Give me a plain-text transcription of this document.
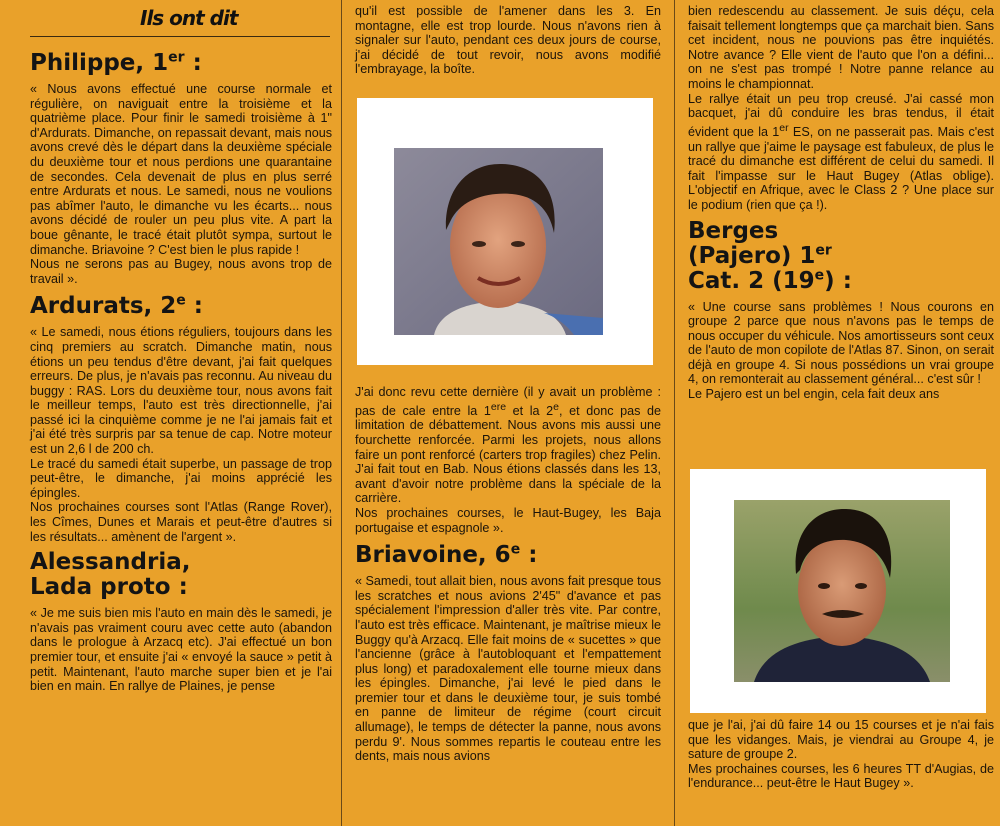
Ils ont dit
Philippe, 1er :

« Nous avons effectué une course normale et régulière, on naviguait entre la troisième et la quatrième place. Pour finir le samedi troisième à 1" d'Ardurats. Dimanche, on repassait devant, mais nous avons crevé dès le départ dans la deuxième spéciale du deuxième tour et nous perdions une quarantaine de secondes. Cela devenait de plus en plus serré entre Ardurats et nous. Le samedi, nous ne voulions pas abîmer l'auto, le dimanche vu les écarts... nous avons décidé de rouler un peu plus vite. A part la boue gênante, le tracé était plutôt sympa, surtout le dimanche. Briavoine ? C'est bien le plus rapide !

Nous ne serons pas au Bugey, nous avons trop de travail ».

Ardurats, 2e :

« Le samedi, nous étions réguliers, toujours dans les cinq premiers au scratch. Dimanche matin, nous étions un peu tendus d'être devant, j'ai fait quelques erreurs. De plus, je n'avais pas reconnu. Au niveau du buggy : RAS. Lors du deuxième tour, nous avons fait le meilleur temps, l'auto est très directionnelle, j'ai passé ici la cinquième comme je ne l'ai jamais fait et j'ai été très surpris par sa tenue de cap. Notre moteur est un 2,6 l de 200 ch.

Le tracé du samedi était superbe, un passage de trop peut-être, le dimanche, j'ai moins apprécié les épingles.

Nos prochaines courses sont l'Atlas (Range Rover), les Cîmes, Dunes et Marais et peut-être d'autres si les résultats... amènent de l'argent ».

Alessandria,
Lada proto :

« Je me suis bien mis l'auto en main dès le samedi, je n'avais pas vraiment couru avec cette auto (abandon dans le prologue à Arzacq etc). J'ai effectué un bon premier tour, et ensuite j'ai « envoyé la sauce » petit à petit. Maintenant, l'auto marche super bien et je l'ai bien en main. En rallye de Plaines, je pense

qu'il est possible de l'amener dans les 3. En montagne, elle est trop lourde. Nous n'avons rien à signaler sur l'auto, pendant ces deux jours de course, j'ai décidé de tout revoir, nous avons modifié l'embrayage, la boîte.

J'ai donc revu cette dernière (il y avait un problème : pas de cale entre la 1ere et la 2e, et donc pas de limitation de débattement. Nous avons mis aussi une fourchette renforcée. Parmi les projets, nous allons faire un pont renforcé (carters trop fragiles) chez Pelin. J'ai fait tout en Bab. Nous étions classés dans les 13, avant d'avoir notre problème dans la spéciale de la carrière.

Nos prochaines courses, le Haut-Bugey, les Baja portugaise et espagnole ».

Briavoine, 6e :

« Samedi, tout allait bien, nous avons fait presque tous les scratches et nous avions 2'45" d'avance et pas spécialement l'impression d'aller très vite. Par contre, l'auto est très efficace. Maintenant, je maîtrise mieux le Buggy qu'à Arzacq. Elle fait moins de « sucettes » que l'ancienne (grâce à l'autobloquant et l'empattement plus long) et paradoxalement elle tourne mieux dans les épingles. Dimanche, j'ai levé le pied dans le premier tour et dans le deuxième tour, je suis tombé en panne de limiteur de régime (court circuit allumage), le temps de détecter la panne, nous avons perdu 9'. Nous sommes repartis le couteau entre les dents, mais nous avions

bien redescendu au classement. Je suis déçu, cela faisait tellement longtemps que ça marchait bien. Sans cet incident, nous ne pouvions pas être inquiétés. Notre avance ? Elle vient de l'auto que l'on a défini... on ne s'est pas trompé ! Notre panne relance au moins le championnat.

Le rallye était un peu trop creusé. J'ai cassé mon bacquet, j'ai dû conduire les bras tendus, il était évident que la 1er ES, on ne passerait pas. Mais c'est un rallye que j'aime le paysage est fabuleux, de plus le tracé du dimanche est différent de celui du samedi. Il fait l'impasse sur le Haut Bugey (Atlas oblige). L'objectif en Afrique, avec le Class 2 ? Une place sur le podium (rien que ça !).

Berges
(Pajero) 1er
Cat. 2 (19e) :

« Une course sans problèmes ! Nous courons en groupe 2 parce que nous n'avons pas le temps de nous occuper du véhicule. Nos amortisseurs sont ceux de l'auto de mon copilote de l'Atlas 87. Sinon, on serait déjà en groupe 4. Si nous possédions un vrai groupe 4, on remonterait au classement général... c'est sûr !

Le Pajero est un bel engin, cela fait deux ans

que je l'ai, j'ai dû faire 14 ou 15 courses et je n'ai fais que les vidanges. Mais, je viendrai au Groupe 4, je sature de groupe 2.

Mes prochaines courses, les 6 heures TT d'Augias, de l'endurance... peut-être le Haut Bugey ».
